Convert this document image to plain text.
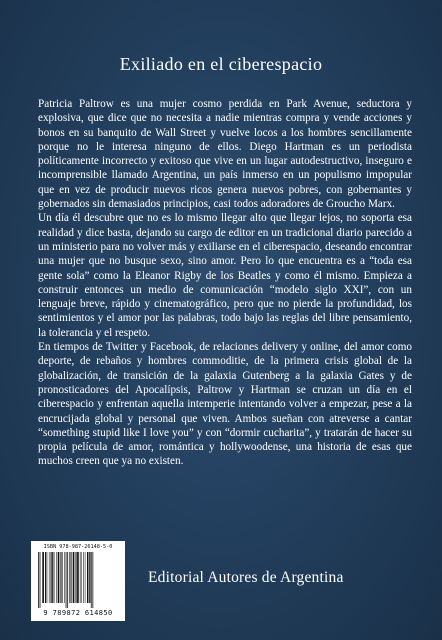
Exiliado en el ciberespacio

Patricia Paltrow es una mujer cosmo perdida en Park Avenue, seductora y explosiva, que dice que no necesita a nadie mientras compra y vende acciones y bonos en su banquito de Wall Street y vuelve locos a los hombres sencillamente porque no le interesa ninguno de ellos. Diego Hartman es un periodista políticamente incorrecto y exitoso que vive en un lugar autodestructivo, inseguro e incomprensible llamado Argentina, un país inmerso en un populismo impopular que en vez de producir nuevos ricos genera nuevos pobres, con gobernantes y gobernados sin demasiados principios, casi todos adoradores de Groucho Marx.

Un día él descubre que no es lo mismo llegar alto que llegar lejos, no soporta esa realidad y dice basta, dejando su cargo de editor en un tradicional diario parecido a un ministerio para no volver más y exiliarse en el ciberespacio, deseando encontrar una mujer que no busque sexo, sino amor. Pero lo que encuentra es a “toda esa gente sola” como la Eleanor Rigby de los Beatles y como él mismo. Empieza a construir entonces un medio de comunicación “modelo siglo XXI”, con un lenguaje breve, rápido y cinematográfico, pero que no pierde la profundidad, los sentimientos y el amor por las palabras, todo bajo las reglas del libre pensamiento, la tolerancia y el respeto.

En tiempos de Twitter y Facebook, de relaciones delivery y online, del amor como deporte, de rebaños y hombres commoditie, de la primera crisis global de la globalización, de transición de la galaxia Gutenberg a la galaxia Gates y de pronosticadores del Apocalípsis, Paltrow y Hartman se cruzan un día en el ciberespacio y enfrentan aquella intemperie intentando volver a empezar, pese a la encrucijada global y personal que viven. Ambos sueñan con atreverse a cantar “something stupid like I love you” y con “dormir cucharita”, y tratarán de hacer su propia película de amor, romántica y hollywoodense, una historia de esas que muchos creen que ya no existen.

ISBN 978-987-26148-5-0
9 789872 614850
Editorial Autores de Argentina
